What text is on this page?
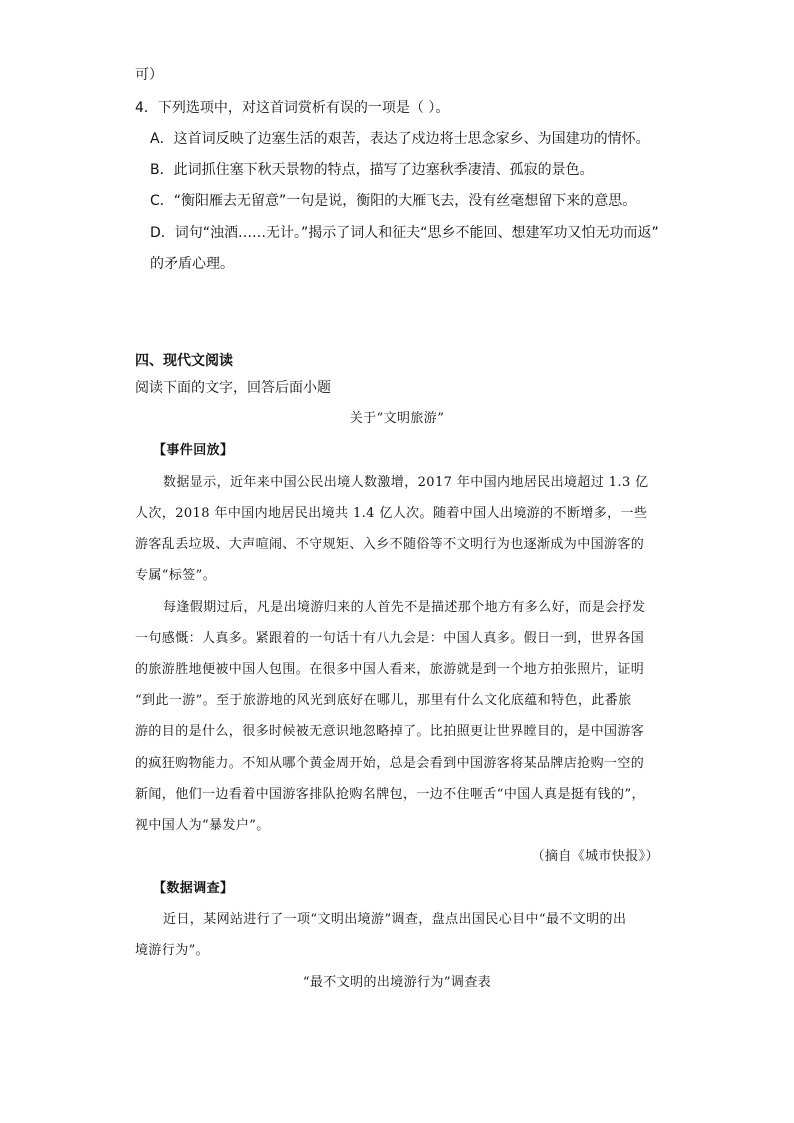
可）
4．下列选项中，对这首词赏析有误的一项是（ ）。
A．这首词反映了边塞生活的艰苦，表达了戍边将士思念家乡、为国建功的情怀。
B．此词抓住塞下秋天景物的特点，描写了边塞秋季凄清、孤寂的景色。
C．“衡阳雁去无留意”一句是说，衡阳的大雁飞去，没有丝毫想留下来的意思。
D．词句“浊酒……无计。”揭示了词人和征夫“思乡不能回、想建军功又怕无功而返”
的矛盾心理。
四、现代文阅读
阅读下面的文字，回答后面小题
关于“文明旅游”
【事件回放】
数据显示，近年来中国公民出境人数激增，2017 年中国内地居民出境超过 1.3 亿
人次，2018 年中国内地居民出境共 1.4 亿人次。随着中国人出境游的不断增多，一些
游客乱丢垃圾、大声喧闹、不守规矩、入乡不随俗等不文明行为也逐渐成为中国游客的
专属“标签”。
每逢假期过后，凡是出境游归来的人首先不是描述那个地方有多么好，而是会抒发
一句感慨：人真多。紧跟着的一句话十有八九会是：中国人真多。假日一到，世界各国
的旅游胜地便被中国人包围。在很多中国人看来，旅游就是到一个地方拍张照片，证明
“到此一游”。至于旅游地的风光到底好在哪儿，那里有什么文化底蕴和特色，此番旅
游的目的是什么，很多时候被无意识地忽略掉了。比拍照更让世界瞠目的，是中国游客
的疯狂购物能力。不知从哪个黄金周开始，总是会看到中国游客将某品牌店抢购一空的
新闻，他们一边看着中国游客排队抢购名牌包，一边不住咂舌“中国人真是挺有钱的”，
视中国人为“暴发户”。
（摘自《城市快报》）
【数据调查】
近日，某网站进行了一项“文明出境游”调查，盘点出国民心目中“最不文明的出
境游行为”。
“最不文明的出境游行为”调查表
